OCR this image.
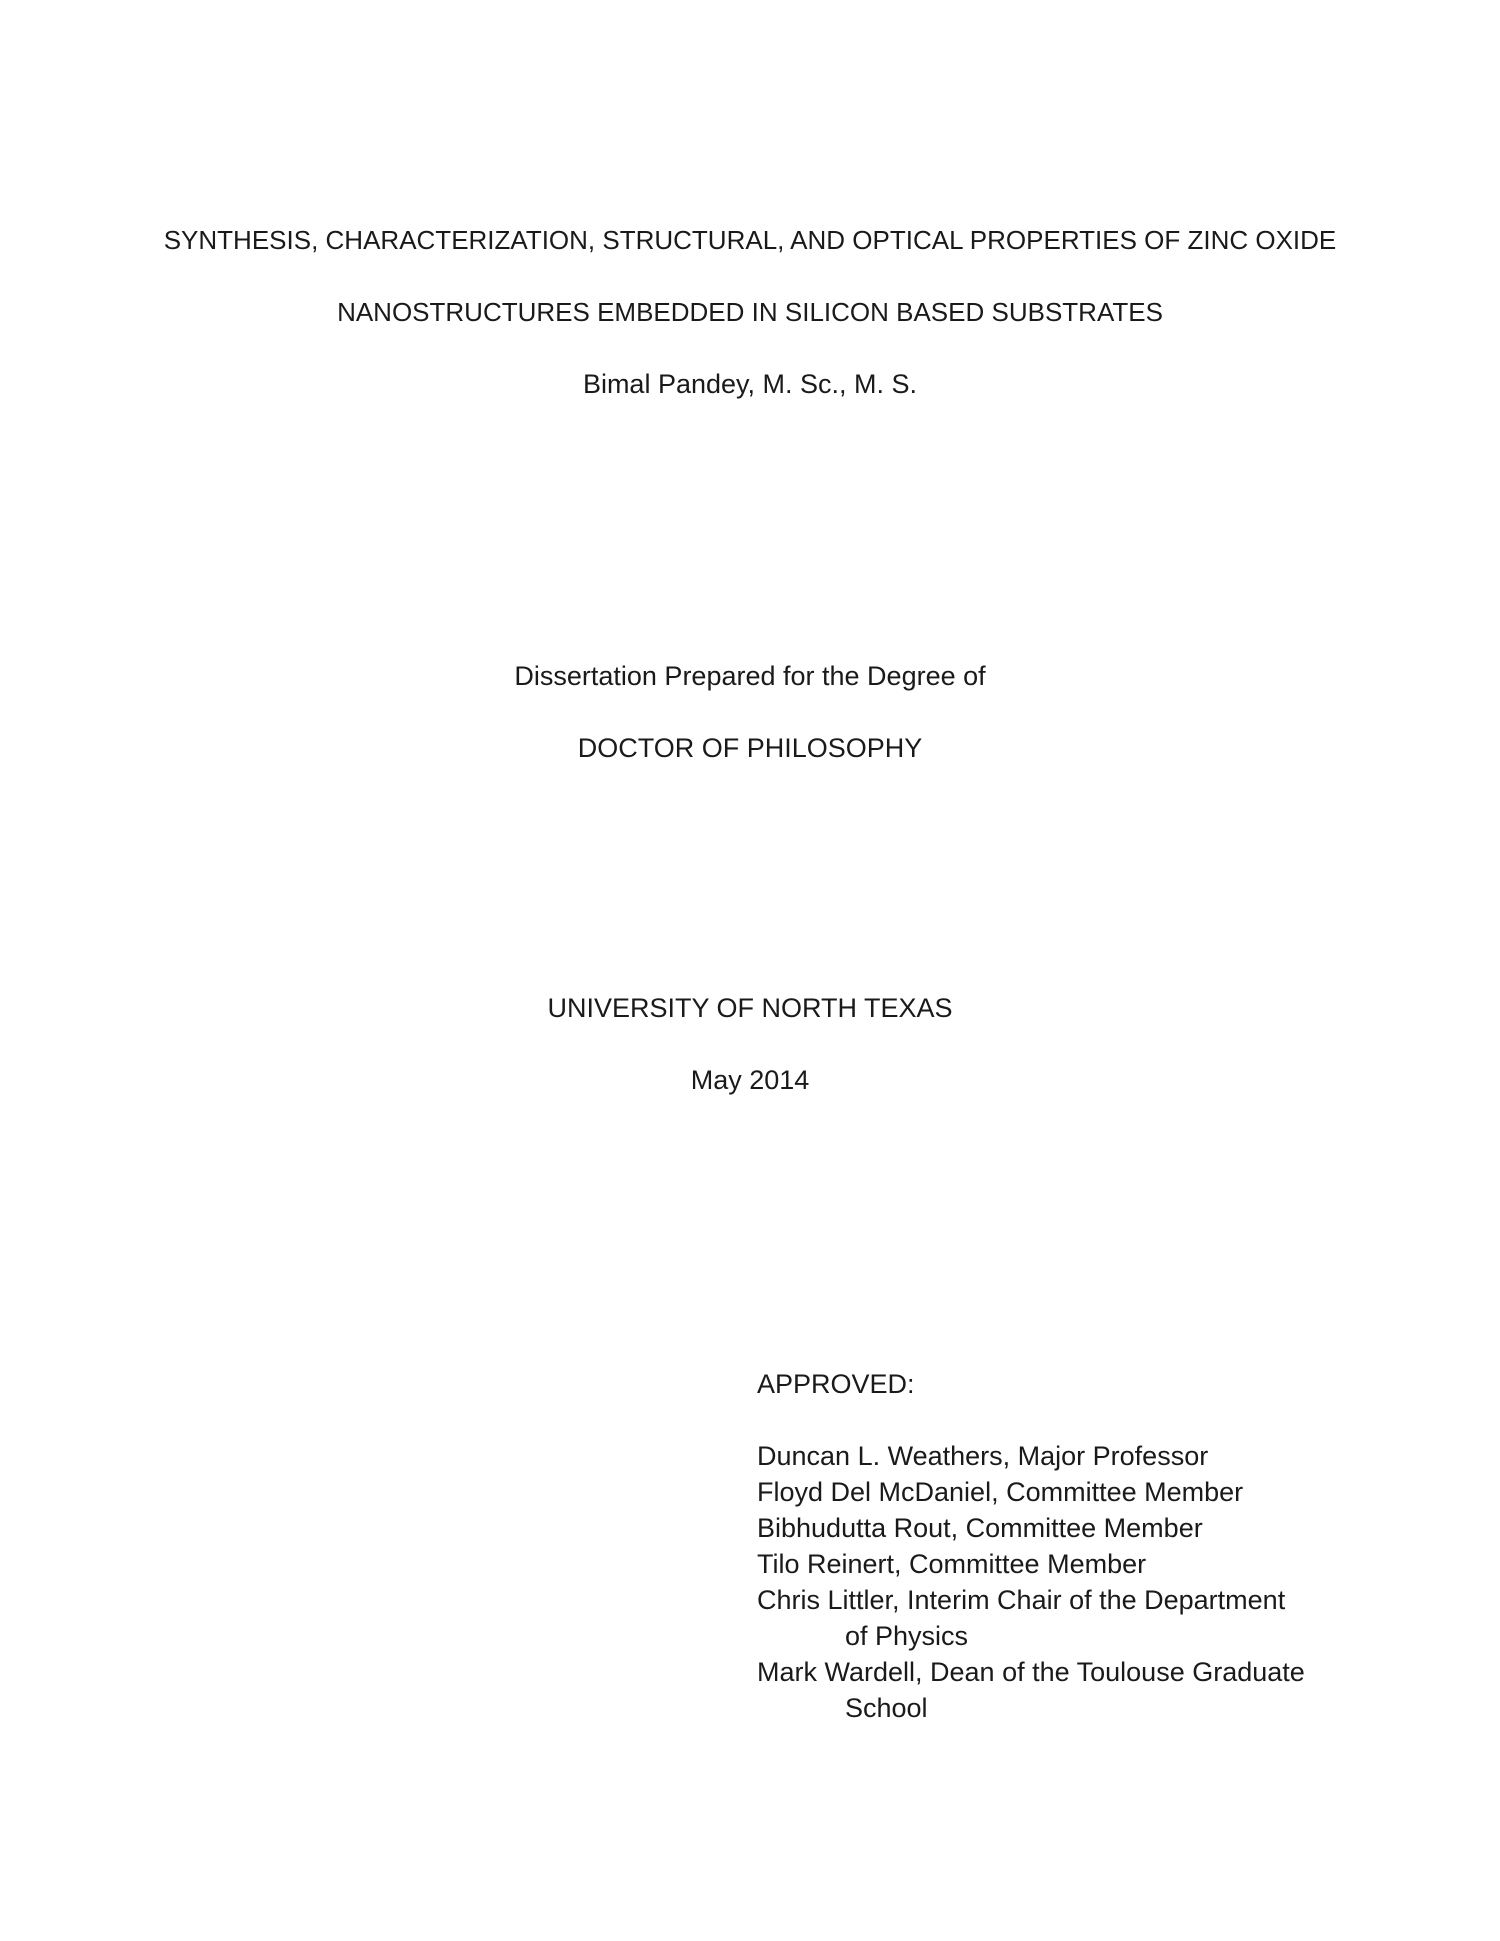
SYNTHESIS, CHARACTERIZATION, STRUCTURAL, AND OPTICAL PROPERTIES OF ZINC OXIDE
NANOSTRUCTURES EMBEDDED IN SILICON BASED SUBSTRATES
Bimal Pandey, M. Sc., M. S.
Dissertation Prepared for the Degree of
DOCTOR OF PHILOSOPHY
UNIVERSITY OF NORTH TEXAS
May 2014
APPROVED:
Duncan L. Weathers, Major Professor
Floyd Del McDaniel, Committee Member
Bibhudutta Rout, Committee Member
Tilo Reinert, Committee Member
Chris Littler, Interim Chair of the Department
of Physics
Mark Wardell, Dean of the Toulouse Graduate
School
